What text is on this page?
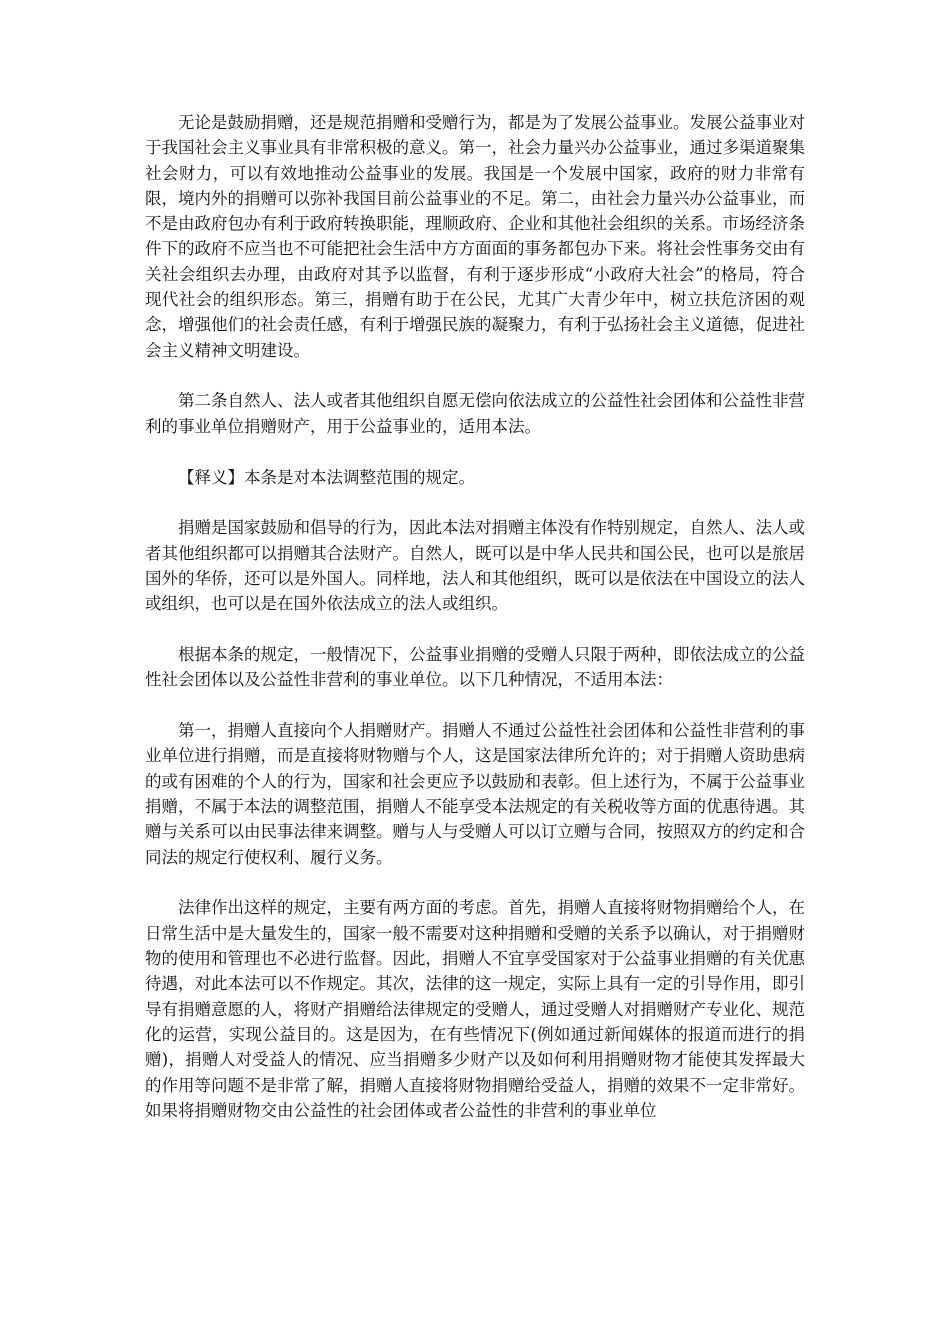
无论是鼓励捐赠，还是规范捐赠和受赠行为，都是为了发展公益事业。发展公益事业对于我国社会主义事业具有非常积极的意义。第一，社会力量兴办公益事业，通过多渠道聚集社会财力，可以有效地推动公益事业的发展。我国是一个发展中国家，政府的财力非常有限，境内外的捐赠可以弥补我国目前公益事业的不足。第二，由社会力量兴办公益事业，而不是由政府包办有利于政府转换职能，理顺政府、企业和其他社会组织的关系。市场经济条件下的政府不应当也不可能把社会生活中方方面面的事务都包办下来。将社会性事务交由有关社会组织去办理，由政府对其予以监督，有利于逐步形成“小政府大社会”的格局，符合现代社会的组织形态。第三，捐赠有助于在公民，尤其广大青少年中，树立扶危济困的观念，增强他们的社会责任感，有利于增强民族的凝聚力，有利于弘扬社会主义道德，促进社会主义精神文明建设。

第二条自然人、法人或者其他组织自愿无偿向依法成立的公益性社会团体和公益性非营利的事业单位捐赠财产，用于公益事业的，适用本法。

【释义】本条是对本法调整范围的规定。

捐赠是国家鼓励和倡导的行为，因此本法对捐赠主体没有作特别规定，自然人、法人或者其他组织都可以捐赠其合法财产。自然人，既可以是中华人民共和国公民，也可以是旅居国外的华侨，还可以是外国人。同样地，法人和其他组织，既可以是依法在中国设立的法人或组织，也可以是在国外依法成立的法人或组织。

根据本条的规定，一般情况下，公益事业捐赠的受赠人只限于两种，即依法成立的公益性社会团体以及公益性非营利的事业单位。以下几种情况，不适用本法：

第一，捐赠人直接向个人捐赠财产。捐赠人不通过公益性社会团体和公益性非营利的事业单位进行捐赠，而是直接将财物赠与个人，这是国家法律所允许的；对于捐赠人资助患病的或有困难的个人的行为，国家和社会更应予以鼓励和表彰。但上述行为，不属于公益事业捐赠，不属于本法的调整范围，捐赠人不能享受本法规定的有关税收等方面的优惠待遇。其赠与关系可以由民事法律来调整。赠与人与受赠人可以订立赠与合同，按照双方的约定和合同法的规定行使权利、履行义务。

法律作出这样的规定，主要有两方面的考虑。首先，捐赠人直接将财物捐赠给个人，在日常生活中是大量发生的，国家一般不需要对这种捐赠和受赠的关系予以确认，对于捐赠财物的使用和管理也不必进行监督。因此，捐赠人不宜享受国家对于公益事业捐赠的有关优惠待遇，对此本法可以不作规定。其次，法律的这一规定，实际上具有一定的引导作用，即引导有捐赠意愿的人，将财产捐赠给法律规定的受赠人，通过受赠人对捐赠财产专业化、规范化的运营，实现公益目的。这是因为，在有些情况下(例如通过新闻媒体的报道而进行的捐赠)，捐赠人对受益人的情况、应当捐赠多少财产以及如何利用捐赠财物才能使其发挥最大的作用等问题不是非常了解，捐赠人直接将财物捐赠给受益人，捐赠的效果不一定非常好。如果将捐赠财物交由公益性的社会团体或者公益性的非营利的事业单位
